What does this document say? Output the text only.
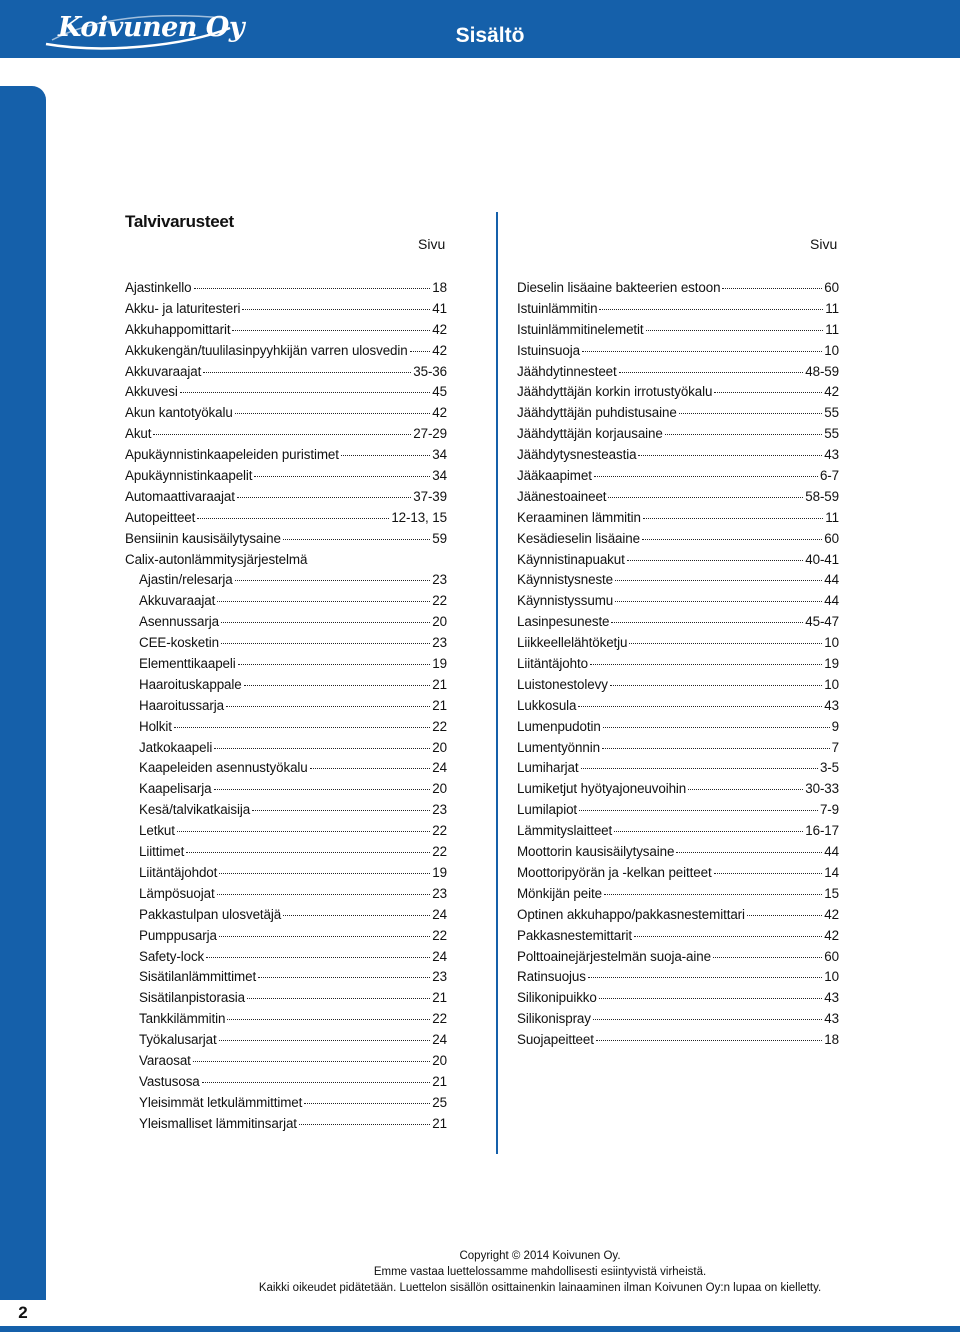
Koivunen Oy	Sisältö
2
Talvivarusteet
Sivu	Sivu
Ajastinkello	18
Akku- ja laturitesteri	41
Akkuhappomittarit	42
Akkukengän/tuulilasinpyyhkijän varren ulosvedin 42
Akkuvaraajat	35-36
Akkuvesi	45
Akun kantotyökalu	42
Akut	27-29
Apukäynnistinkaapeleiden puristimet	34
Apukäynnistinkaapelit	34
Automaattivaraajat	37-39
Autopeitteet	12-13, 15
Bensiinin kausisäilytysaine	59
Calix-autonlämmitysjärjestelmä
Ajastin/relesarja	23
Akkuvaraajat	22
Asennussarja	20
CEE-kosketin	23
Elementtikaapeli	19
Haaroituskappale	21
Haaroitussarja	21
Holkit	22
Jatkokaapeli	20
Kaapeleiden asennustyökalu	24
Kaapelisarja	20
Kesä/talvikatkaisija	23
Letkut	22
Liittimet	22
Liitäntäjohdot	19
Lämpösuojat	23
Pakkastulpan ulosvetäjä	24
Pumppusarja	22
Safety-lock	24
Sisätilanlämmittimet	23
Sisätilanpistorasia	21
Tankkilämmitin	22
Työkalusarjat	24
Varaosat	20
Vastusosa	21
Yleisimmät letkulämmittimet	25
Yleismalliset lämmitinsarjat	21
Dieselin lisäaine bakteerien estoon	60
Istuinlämmitin	11
Istuinlämmitinelemetit	11
Istuinsuoja	10
Jäähdytinnesteet	48-59
Jäähdyttäjän korkin irrotustyökalu	42
Jäähdyttäjän puhdistusaine	55
Jäähdyttäjän korjausaine	55
Jäähdytysnesteastia	43
Jääkaapimet	6-7
Jäänestoaineet	58-59
Keraaminen lämmitin	11
Kesädieselin lisäaine	60
Käynnistinapuakut	40-41
Käynnistysneste	44
Käynnistyssumu	44
Lasinpesuneste	45-47
Liikkeellelähtöketju	10
Liitäntäjohto	19
Luistonestolevy	10
Lukkosula	43
Lumenpudotin	9
Lumentyönnin	7
Lumiharjat	3-5
Lumiketjut hyötyajoneuvoihin	30-33
Lumilapiot	7-9
Lämmityslaitteet	16-17
Moottorin kausisäilytysaine	44
Moottoripyörän ja -kelkan peitteet	14
Mönkijän peite	15
Optinen akkuhappo/pakkasnestemittari	42
Pakkasnestemittarit	42
Polttoainejärjestelmän suoja-aine	60
Ratinsuojus	10
Silikonipuikko	43
Silikonispray	43
Suojapeitteet	18
Copyright © 2014 Koivunen Oy.
Emme vastaa luettelossamme mahdollisesti esiintyvistä virheistä.
Kaikki oikeudet pidätetään. Luettelon sisällön osittainenkin lainaaminen ilman Koivunen Oy:n lupaa on kielletty.
